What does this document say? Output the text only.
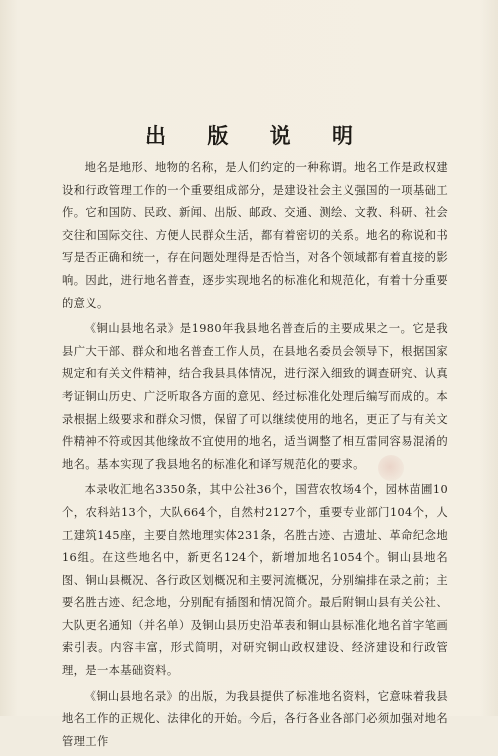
出 版 说 明

地名是地形、地物的名称，是人们约定的一种称谓。地名工作是政权建设和行政管理工作的一个重要组成部分，是建设社会主义强国的一项基础工作。它和国防、民政、新闻、出版、邮政、交通、测绘、文教、科研、社会交往和国际交往、方便人民群众生活，都有着密切的关系。地名的称说和书写是否正确和统一，存在问题处理得是否恰当，对各个领域都有着直接的影响。因此，进行地名普查，逐步实现地名的标准化和规范化，有着十分重要的意义。

《铜山县地名录》是1980年我县地名普查后的主要成果之一。它是我县广大干部、群众和地名普查工作人员，在县地名委员会领导下，根据国家规定和有关文件精神，结合我县具体情况，进行深入细致的调查研究、认真考证铜山历史、广泛听取各方面的意见、经过标准化处理后编写而成的。本录根据上级要求和群众习惯，保留了可以继续使用的地名，更正了与有关文件精神不符或因其他缘故不宜使用的地名，适当调整了相互雷同容易混淆的地名。基本实现了我县地名的标准化和译写规范化的要求。

本录收汇地名3350条，其中公社36个，国营农牧场4个，园林苗圃10个，农科站13个，大队664个，自然村2127个，重要专业部门104个，人工建筑145座，主要自然地理实体231条，名胜古迹、古遗址、革命纪念地16组。在这些地名中，新更名124个，新增加地名1054个。铜山县地名图、铜山县概况、各行政区划概况和主要河流概况，分别编排在录之前；主要名胜古迹、纪念地，分别配有插图和情况简介。最后附铜山县有关公社、大队更名通知（并名单）及铜山县历史沿革表和铜山县标准化地名首字笔画索引表。内容丰富，形式简明，对研究铜山政权建设、经济建设和行政管理，是一本基础资料。

《铜山县地名录》的出版，为我县提供了标准地名资料，它意味着我县地名工作的正规化、法律化的开始。今后，各行各业各部门必须加强对地名管理工作
